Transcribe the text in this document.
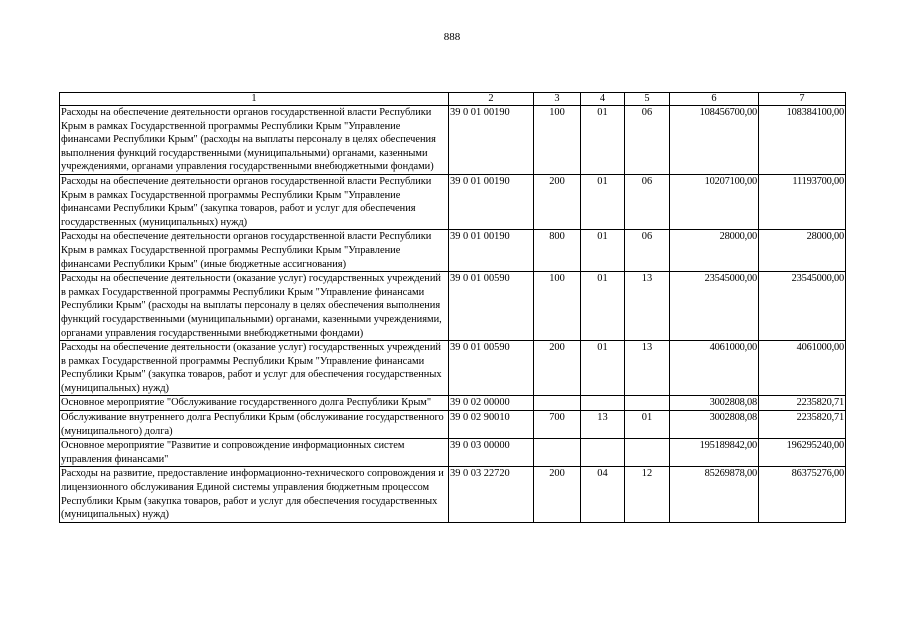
888
1	2	3	4	5	6	7
Расходы на обеспечение деятельности органов государственной власти Республики Крым в рамках Государственной программы Республики Крым "Управление финансами Республики Крым" (расходы на выплаты персоналу в целях обеспечения выполнения функций государственными (муниципальными) органами, казенными учреждениями, органами управления государственными внебюджетными фондами)	39 0 01 00190	100	01	06	108456700,00	108384100,00
Расходы на обеспечение деятельности органов государственной власти Республики Крым в рамках Государственной программы Республики Крым "Управление финансами Республики Крым" (закупка товаров, работ и услуг для обеспечения государственных (муниципальных) нужд)	39 0 01 00190	200	01	06	10207100,00	11193700,00
Расходы на обеспечение деятельности органов государственной власти Республики Крым в рамках Государственной программы Республики Крым "Управление финансами Республики Крым" (иные бюджетные ассигнования)	39 0 01 00190	800	01	06	28000,00	28000,00
Расходы на обеспечение деятельности (оказание услуг) государственных учреждений в рамках Государственной программы Республики Крым "Управление финансами Республики Крым" (расходы на выплаты персоналу в целях обеспечения выполнения функций государственными (муниципальными) органами, казенными учреждениями, органами управления государственными внебюджетными фондами)	39 0 01 00590	100	01	13	23545000,00	23545000,00
Расходы на обеспечение деятельности (оказание услуг) государственных учреждений в рамках Государственной программы Республики Крым "Управление финансами Республики Крым" (закупка товаров, работ и услуг для обеспечения государственных (муниципальных) нужд)	39 0 01 00590	200	01	13	4061000,00	4061000,00
Основное мероприятие "Обслуживание государственного долга Республики Крым"	39 0 02 00000				3002808,08	2235820,71
Обслуживание внутреннего долга Республики Крым (обслуживание государственного (муниципального) долга)	39 0 02 90010	700	13	01	3002808,08	2235820,71
Основное мероприятие "Развитие и сопровождение информационных систем управления финансами"	39 0 03 00000				195189842,00	196295240,00
Расходы на развитие, предоставление информационно-технического сопровождения и лицензионного обслуживания Единой системы управления бюджетным процессом Республики Крым (закупка товаров, работ и услуг для обеспечения государственных (муниципальных) нужд)	39 0 03 22720	200	04	12	85269878,00	86375276,00
